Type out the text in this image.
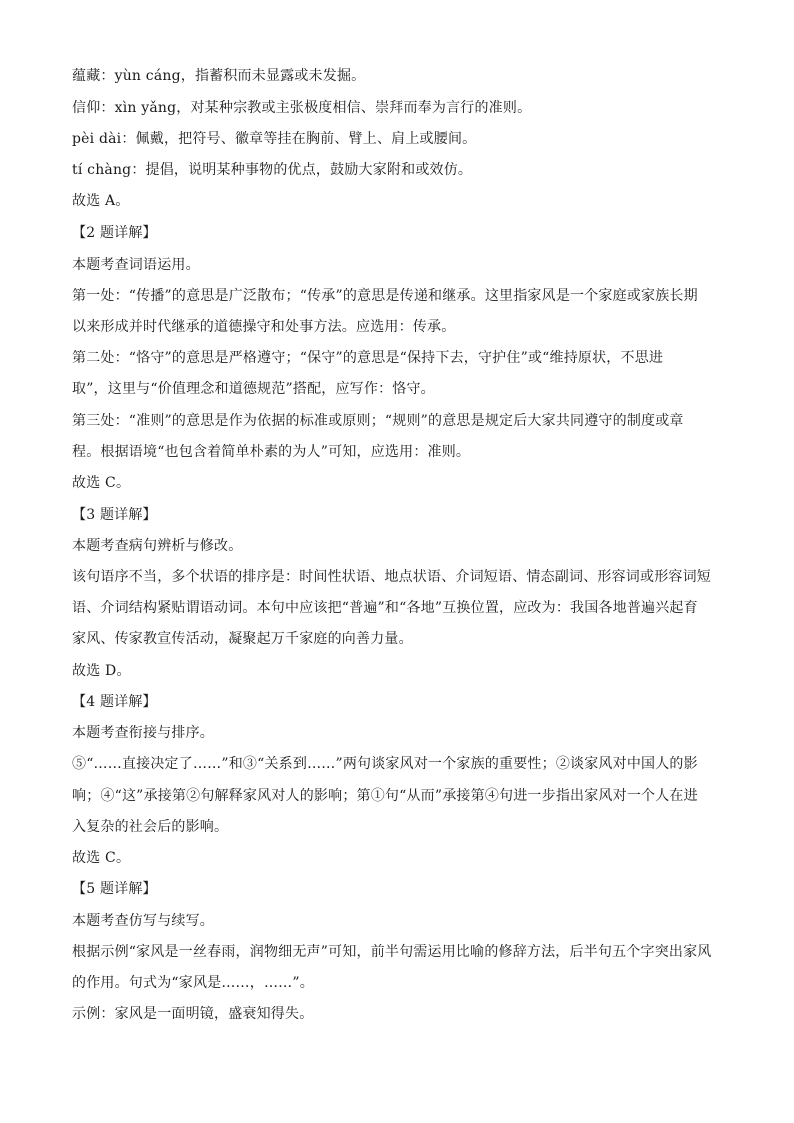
蕴藏：yùn cáng，指蓄积而未显露或未发掘。
信仰：xìn yǎng，对某种宗教或主张极度相信、崇拜而奉为言行的准则。
pèi dài：佩戴，把符号、徽章等挂在胸前、臂上、肩上或腰间。
tí chàng：提倡，说明某种事物的优点，鼓励大家附和或效仿。
故选 A。
【2 题详解】
本题考查词语运用。
第一处：“传播”的意思是广泛散布；“传承”的意思是传递和继承。这里指家风是一个家庭或家族长期
以来形成并时代继承的道德操守和处事方法。应选用：传承。
第二处：“恪守”的意思是严格遵守；“保守”的意思是“保持下去，守护住”或“维持原状，不思进
取”，这里与“价值理念和道德规范”搭配，应写作：恪守。
第三处：“准则”的意思是作为依据的标准或原则；“规则”的意思是规定后大家共同遵守的制度或章
程。根据语境“也包含着简单朴素的为人”可知，应选用：准则。
故选 C。
【3 题详解】
本题考查病句辨析与修改。
该句语序不当，多个状语的排序是：时间性状语、地点状语、介词短语、情态副词、形容词或形容词短
语、介词结构紧贴谓语动词。本句中应该把“普遍”和“各地”互换位置，应改为：我国各地普遍兴起育
家风、传家教宣传活动，凝聚起万千家庭的向善力量。
故选 D。
【4 题详解】
本题考查衔接与排序。
⑤“……直接决定了……”和③“关系到……”两句谈家风对一个家族的重要性；②谈家风对中国人的影
响；④“这”承接第②句解释家风对人的影响；第①句“从而”承接第④句进一步指出家风对一个人在进
入复杂的社会后的影响。
故选 C。
【5 题详解】
本题考查仿写与续写。
根据示例“家风是一丝春雨，润物细无声”可知，前半句需运用比喻的修辞方法，后半句五个字突出家风
的作用。句式为“家风是……，……”。
示例：家风是一面明镜，盛衰知得失。
